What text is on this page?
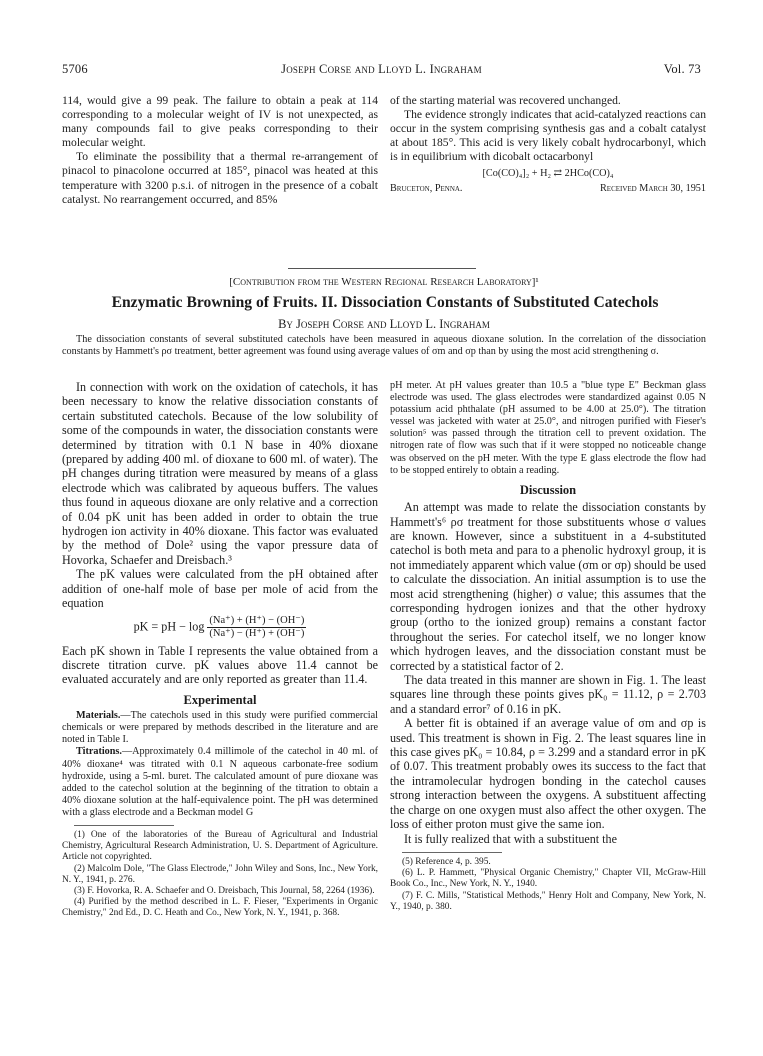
5706	Joseph Corse and Lloyd L. Ingraham	Vol. 73

114, would give a 99 peak. The failure to obtain a peak at 114 corresponding to a molecular weight of IV is not unexpected, as many compounds fail to give peaks corresponding to their molecular weight.

To eliminate the possibility that a thermal re-arrangement of pinacol to pinacolone occurred at 185°, pinacol was heated at this temperature with 3200 p.s.i. of nitrogen in the presence of a cobalt catalyst. No rearrangement occurred, and 85%

of the starting material was recovered unchanged.

The evidence strongly indicates that acid-catalyzed reactions can occur in the system comprising synthesis gas and a cobalt catalyst at about 185°. This acid is very likely cobalt hydrocarbonyl, which is in equilibrium with dicobalt octacarbonyl

[Co(CO)₄]₂ + H₂ ⇄ 2HCo(CO)₄
Bruceton, Penna.	Received March 30, 1951
[Contribution from the Western Regional Research Laboratory]¹
Enzymatic Browning of Fruits. II. Dissociation Constants of Substituted Catechols
By Joseph Corse and Lloyd L. Ingraham
The dissociation constants of several substituted catechols have been measured in aqueous dioxane solution. In the correlation of the dissociation constants by Hammett's ρσ treatment, better agreement was found using average values of σm and σp than by using the most acid strengthening σ.

In connection with work on the oxidation of catechols, it has been necessary to know the relative dissociation constants of certain substituted catechols. Because of the low solubility of some of the compounds in water, the dissociation constants were determined by titration with 0.1 N base in 40% dioxane (prepared by adding 400 ml. of dioxane to 600 ml. of water). The pH changes during titration were measured by means of a glass electrode which was calibrated by aqueous buffers. The values thus found in aqueous dioxane are only relative and a correction of 0.04 pK unit has been added in order to obtain the true hydrogen ion activity in 40% dioxane. This factor was evaluated by the method of Dole² using the vapor pressure data of Hovorka, Schaefer and Dreisbach.³

The pK values were calculated from the pH obtained after addition of one-half mole of base per mole of acid from the equation

pK = pH − $\log \frac{(Na^+) + (H^+) - (OH^-)}{(Na^+) - (H^+) + (OH^-)}$

Each pK shown in Table I represents the value obtained from a discrete titration curve. pK values above 11.4 cannot be evaluated accurately and are only reported as greater than 11.4.

Experimental

Materials.—The catechols used in this study were purified commercial chemicals or were prepared by methods described in the literature and are noted in Table I.

Titrations.—Approximately 0.4 millimole of the catechol in 40 ml. of 40% dioxane⁴ was titrated with 0.1 N aqueous carbonate-free sodium hydroxide, using a 5-ml. buret. The calculated amount of pure dioxane was added to the catechol solution at the beginning of the titration to obtain a 40% dioxane solution at the half-equivalence point. The pH was determined with a glass electrode and a Beckman model G

(1) One of the laboratories of the Bureau of Agricultural and Industrial Chemistry, Agricultural Research Administration, U. S. Department of Agriculture. Article not copyrighted.

(2) Malcolm Dole, "The Glass Electrode," John Wiley and Sons, Inc., New York, N. Y., 1941, p. 276.

(3) F. Hovorka, R. A. Schaefer and O. Dreisbach, This Journal, 58, 2264 (1936).

(4) Purified by the method described in L. F. Fieser, "Experiments in Organic Chemistry," 2nd Ed., D. C. Heath and Co., New York, N. Y., 1941, p. 368.

pH meter. At pH values greater than 10.5 a "blue type E" Beckman glass electrode was used. The glass electrodes were standardized against 0.05 N potassium acid phthalate (pH assumed to be 4.00 at 25.0°). The titration vessel was jacketed with water at 25.0°, and nitrogen purified with Fieser's solution⁵ was passed through the titration cell to prevent oxidation. The nitrogen rate of flow was such that if it were stopped no noticeable change was observed on the pH meter. With the type E glass electrode the flow had to be stopped entirely to obtain a reading.

Discussion

An attempt was made to relate the dissociation constants by Hammett's⁶ ρσ treatment for those substituents whose σ values are known. However, since a substituent in a 4-substituted catechol is both meta and para to a phenolic hydroxyl group, it is not immediately apparent which value (σm or σp) should be used to calculate the dissociation. An initial assumption is to use the most acid strengthening (higher) σ value; this assumes that the corresponding hydrogen ionizes and that the other hydroxy group (ortho to the ionized group) remains a constant factor throughout the series. For catechol itself, we no longer know which hydrogen leaves, and the dissociation constant must be corrected by a statistical factor of 2.

The data treated in this manner are shown in Fig. 1. The least squares line through these points gives pK₀ = 11.12, ρ = 2.703 and a standard error⁷ of 0.16 in pK.

A better fit is obtained if an average value of σm and σp is used. This treatment is shown in Fig. 2. The least squares line in this case gives pK₀ = 10.84, ρ = 3.299 and a standard error in pK of 0.07. This treatment probably owes its success to the fact that the intramolecular hydrogen bonding in the catechol causes strong interaction between the oxygens. A substituent affecting the charge on one oxygen must also affect the other oxygen. The loss of either proton must give the same ion.

It is fully realized that with a substituent the

(5) Reference 4, p. 395.

(6) L. P. Hammett, "Physical Organic Chemistry," Chapter VII, McGraw-Hill Book Co., Inc., New York, N. Y., 1940.

(7) F. C. Mills, "Statistical Methods," Henry Holt and Company, New York, N. Y., 1940, p. 380.
